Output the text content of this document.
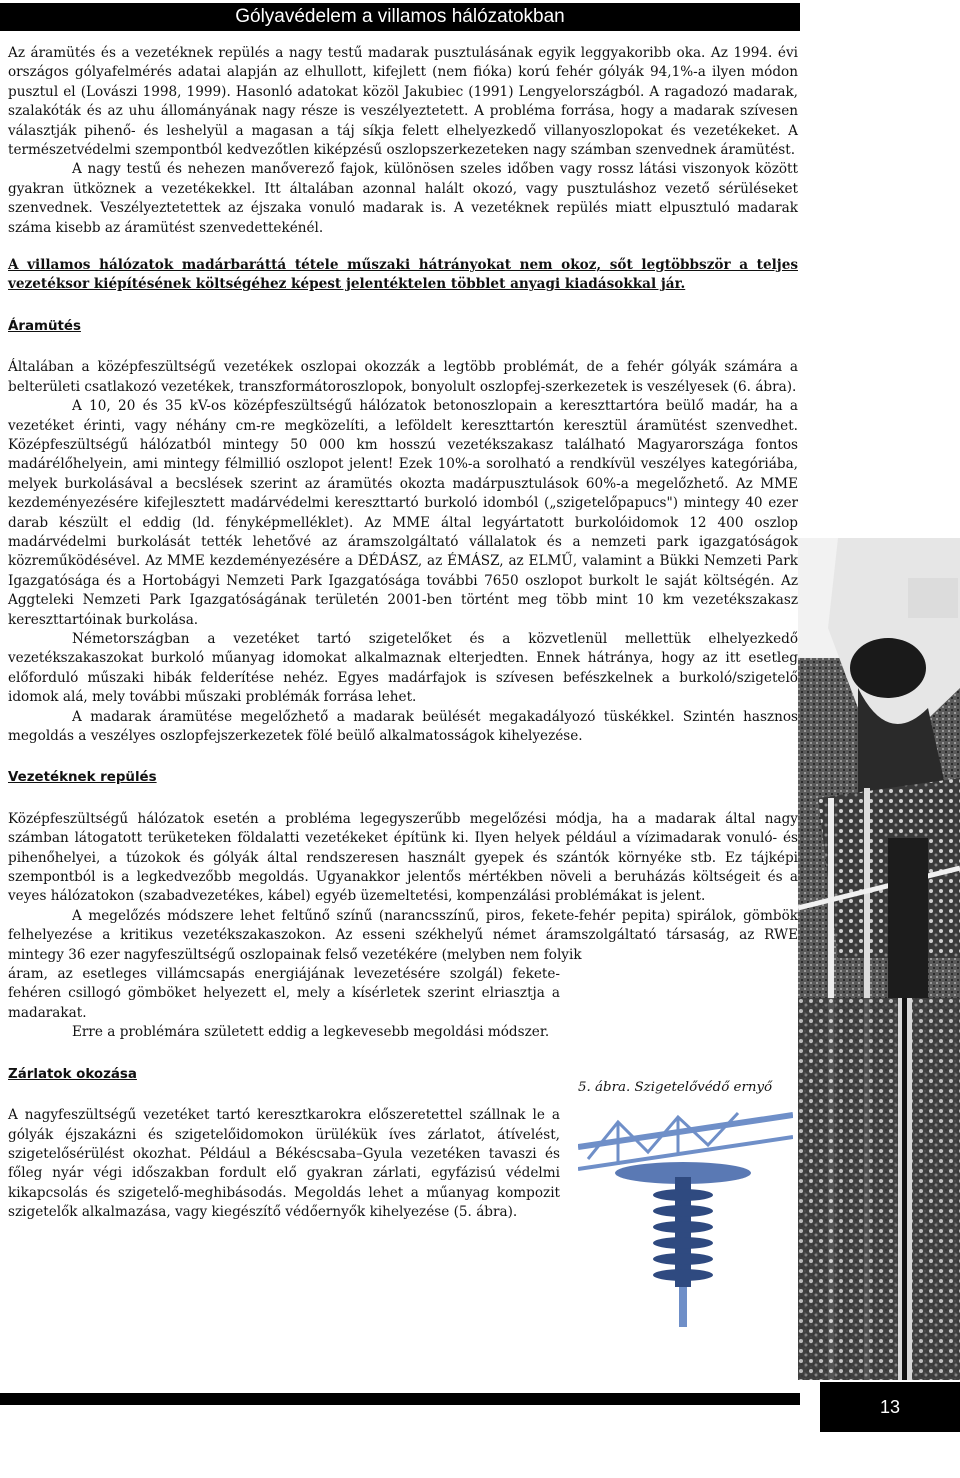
Gólyavédelem a villamos hálózatokban

Az áramütés és a vezetéknek repülés a nagy testű madarak pusztulásának egyik leggyakoribb oka. Az 1994. évi országos gólyafelmérés adatai alapján az elhullott, kifejlett (nem fióka) korú fehér gólyák 94,1%-a ilyen módon pusztul el (Lovászi 1998, 1999). Hasonló adatokat közöl Jakubiec (1991) Lengyelországból. A ragadozó madarak, szalakóták és az uhu állományának nagy része is veszélyeztetett. A probléma forrása, hogy a madarak szívesen választják pihenő- és leshelyül a magasan a táj síkja felett elhelyezkedő villanyoszlopokat és vezetékeket. A természetvédelmi szempontból kedvezőtlen kiképzésű oszlopszerkezeteken nagy számban szenvednek áramütést.

A nagy testű és nehezen manőverező fajok, különösen szeles időben vagy rossz látási viszonyok között gyakran ütköznek a vezetékekkel. Itt általában azonnal halált okozó, vagy pusztuláshoz vezető sérüléseket szenvednek. Veszélyeztetettek az éjszaka vonuló madarak is. A vezetéknek repülés miatt elpusztuló madarak száma kisebb az áramütést szenvedettekénél.

A villamos hálózatok madárbaráttá tétele műszaki hátrányokat nem okoz, sőt legtöbbször a teljes vezetéksor kiépítésének költségéhez képest jelentéktelen többlet anyagi kiadásokkal jár.

Áramütés

Általában a középfeszültségű vezetékek oszlopai okozzák a legtöbb problémát, de a fehér gólyák számára a belterületi csatlakozó vezetékek, transzformátoroszlopok, bonyolult oszlopfej-szerkezetek is veszélyesek (6. ábra).

A 10, 20 és 35 kV-os középfeszültségű hálózatok betonoszlopain a kereszttartóra beülő madár, ha a vezetéket érinti, vagy néhány cm-re megközelíti, a leföldelt kereszttartón keresztül áramütést szenvedhet. Középfeszültségű hálózatból mintegy 50 000 km hosszú vezetékszakasz található Magyarországa fontos madárélőhelyein, ami mintegy félmillió oszlopot jelent! Ezek 10%-a sorolható a rendkívül veszélyes kategóriába, melyek burkolásával a becslések szerint az áramütés okozta madárpusztulások 60%-a megelőzhető. Az MME kezdeményezésére kifejlesztett madárvédelmi kereszttartó burkoló idomból („szigetelőpapucs") mintegy 40 ezer darab készült el eddig (ld. fényképmelléklet). Az MME által legyártatott burkolóidomok 12 400 oszlop madárvédelmi burkolását tették lehetővé az áramszolgáltató vállalatok és a nemzeti park igazgatóságok közreműködésével. Az MME kezdeményezésére a DÉDÁSZ, az ÉMÁSZ, az ELMŰ, valamint a Bükki Nemzeti Park Igazgatósága és a Hortobágyi Nemzeti Park Igazgatósága további 7650 oszlopot burkolt le saját költségén. Az Aggteleki Nemzeti Park Igazgatóságának területén 2001-ben történt meg több mint 10 km vezetékszakasz kereszttartóinak burkolása.

Németországban a vezetéket tartó szigetelőket és a közvetlenül mellettük elhelyezkedő vezetékszakaszokat burkoló műanyag idomokat alkalmaznak elterjedten. Ennek hátránya, hogy az itt esetleg előforduló műszaki hibák felderítése nehéz. Egyes madárfajok is szívesen befészkelnek a burkoló/szigetelő idomok alá, mely további műszaki problémák forrása lehet.

A madarak áramütése megelőzhető a madarak beülését megakadályozó tüskékkel. Szintén hasznos megoldás a veszélyes oszlopfejszerkezetek fölé beülő alkalmatosságok kihelyezése.

Vezetéknek repülés

Középfeszültségű hálózatok esetén a probléma legegyszerűbb megelőzési módja, ha a madarak által nagy számban látogatott terüketeken földalatti vezetékeket építünk ki. Ilyen helyek például a vízimadarak vonuló- és pihenőhelyei, a túzokok és gólyák által rendszeresen használt gyepek és szántók környéke stb. Ez tájképi szempontból is a legkedvezőbb megoldás. Ugyanakkor jelentős mértékben növeli a beruházás költségeit és a veyes hálózatokon (szabadvezetékes, kábel) egyéb üzemeltetési, kompenzálási problémákat is jelent.

A megelőzés módszere lehet feltűnő színű (narancsszínű, piros, fekete-fehér pepita) spirálok, gömbök felhelyezése a kritikus vezetékszakaszokon. Az esseni székhelyű német áramszolgáltató társaság, az RWE mintegy 36 ezer nagyfeszültségű oszlopainak felső vezetékére (melyben nem folyik

áram, az esetleges villámcsapás energiájának levezetésére szolgál) fekete-fehéren csillogó gömböket helyezett el, mely a kísérletek szerint elriasztja a madarakat.

Erre a problémára született eddig a legkevesebb megoldási módszer.

Zárlatok okozása

A nagyfeszültségű vezetéket tartó keresztkarokra előszeretettel szállnak le a gólyák éjszakázni és szigetelőidomokon ürülékük íves zárlatot, átívelést, szigetelősérülést okozhat. Például a Békéscsaba–Gyula vezetéken tavaszi és főleg nyár végi időszakban fordult elő gyakran zárlati, egyfázisú védelmi kikapcsolás és szigetelő-meghibásodás. Megoldás lehet a műanyag kompozit szigetelők alkalmazása, vagy kiegészítő védőernyők kihelyezése (5. ábra).

5. ábra. Szigetelővédő ernyő
13
